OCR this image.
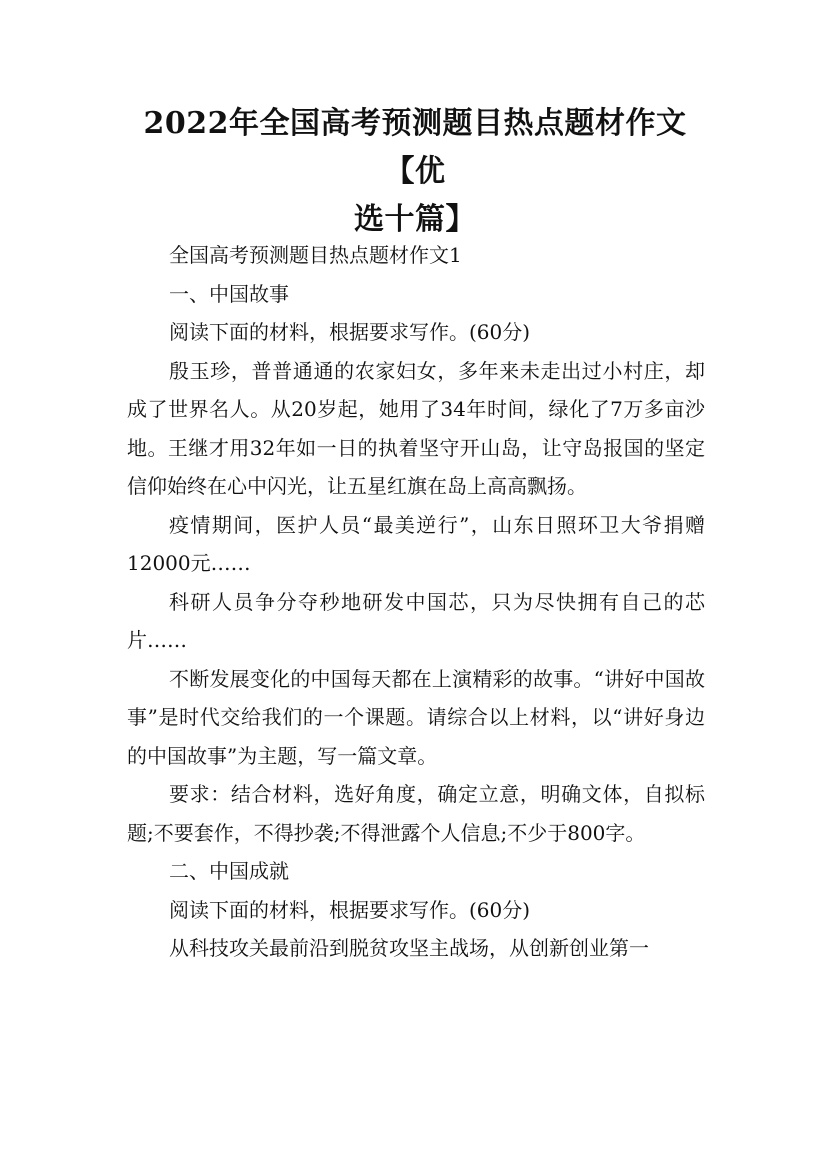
2022年全国高考预测题目热点题材作文【优
选十篇】

全国高考预测题目热点题材作文1

一、中国故事

阅读下面的材料，根据要求写作。(60分)

殷玉珍，普普通通的农家妇女，多年来未走出过小村庄，却成了世界名人。从20岁起，她用了34年时间，绿化了7万多亩沙地。王继才用32年如一日的执着坚守开山岛，让守岛报国的坚定信仰始终在心中闪光，让五星红旗在岛上高高飘扬。

疫情期间，医护人员“最美逆行”，山东日照环卫大爷捐赠12000元……

科研人员争分夺秒地研发中国芯，只为尽快拥有自己的芯片……

不断发展变化的中国每天都在上演精彩的故事。“讲好中国故事”是时代交给我们的一个课题。请综合以上材料，以“讲好身边的中国故事”为主题，写一篇文章。

要求：结合材料，选好角度，确定立意，明确文体，自拟标题;不要套作，不得抄袭;不得泄露个人信息;不少于800字。

二、中国成就

阅读下面的材料，根据要求写作。(60分)

从科技攻关最前沿到脱贫攻坚主战场，从创新创业第一
